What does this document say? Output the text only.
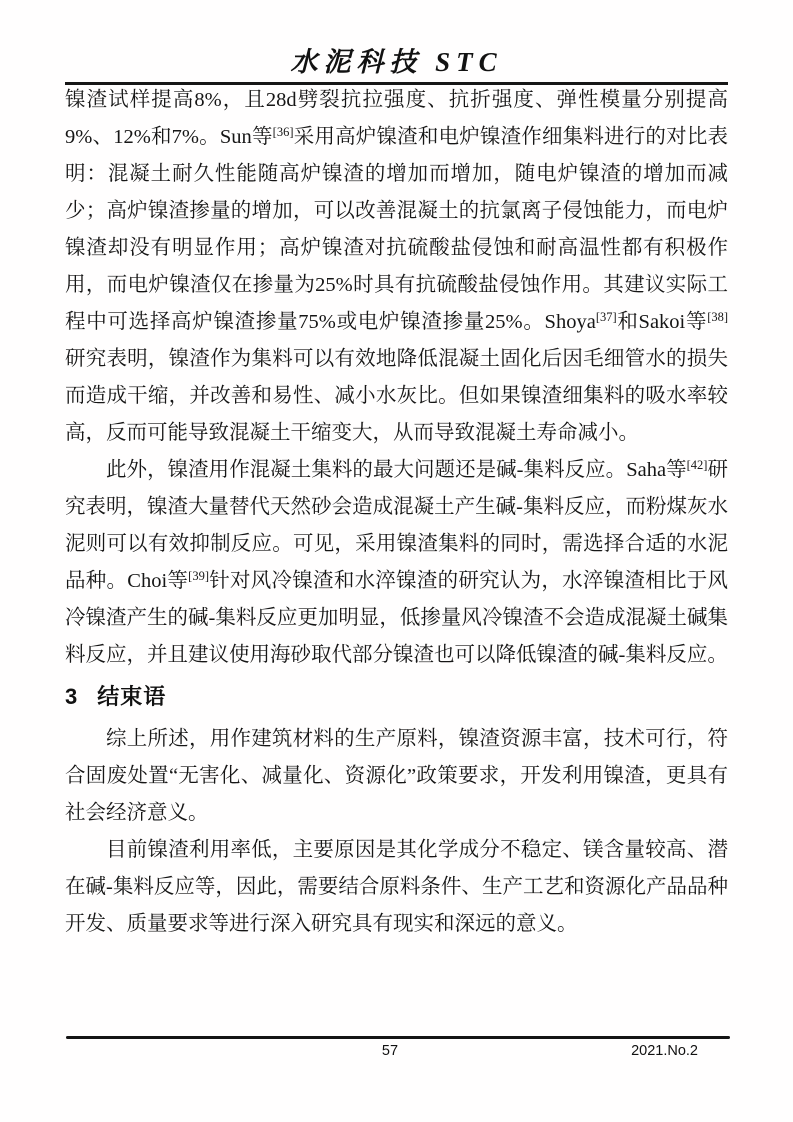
水泥科技 STC

镍渣试样提高8%，且28d劈裂抗拉强度、抗折强度、弹性模量分别提高9%、12%和7%。Sun等[36]采用高炉镍渣和电炉镍渣作细集料进行的对比表明：混凝土耐久性能随高炉镍渣的增加而增加，随电炉镍渣的增加而减少；高炉镍渣掺量的增加，可以改善混凝土的抗氯离子侵蚀能力，而电炉镍渣却没有明显作用；高炉镍渣对抗硫酸盐侵蚀和耐高温性都有积极作用，而电炉镍渣仅在掺量为25%时具有抗硫酸盐侵蚀作用。其建议实际工程中可选择高炉镍渣掺量75%或电炉镍渣掺量25%。Shoya[37]和Sakoi等[38]研究表明，镍渣作为集料可以有效地降低混凝土固化后因毛细管水的损失而造成干缩，并改善和易性、减小水灰比。但如果镍渣细集料的吸水率较高，反而可能导致混凝土干缩变大，从而导致混凝土寿命减小。

此外，镍渣用作混凝土集料的最大问题还是碱-集料反应。Saha等[42]研究表明，镍渣大量替代天然砂会造成混凝土产生碱-集料反应，而粉煤灰水泥则可以有效抑制反应。可见，采用镍渣集料的同时，需选择合适的水泥品种。Choi等[39]针对风冷镍渣和水淬镍渣的研究认为，水淬镍渣相比于风冷镍渣产生的碱-集料反应更加明显，低掺量风冷镍渣不会造成混凝土碱集料反应，并且建议使用海砂取代部分镍渣也可以降低镍渣的碱-集料反应。

3 结束语

综上所述，用作建筑材料的生产原料，镍渣资源丰富，技术可行，符合固废处置“无害化、减量化、资源化”政策要求，开发利用镍渣，更具有社会经济意义。

目前镍渣利用率低，主要原因是其化学成分不稳定、镁含量较高、潜在碱-集料反应等，因此，需要结合原料条件、生产工艺和资源化产品品种开发、质量要求等进行深入研究具有现实和深远的意义。

57	2021.No.2
